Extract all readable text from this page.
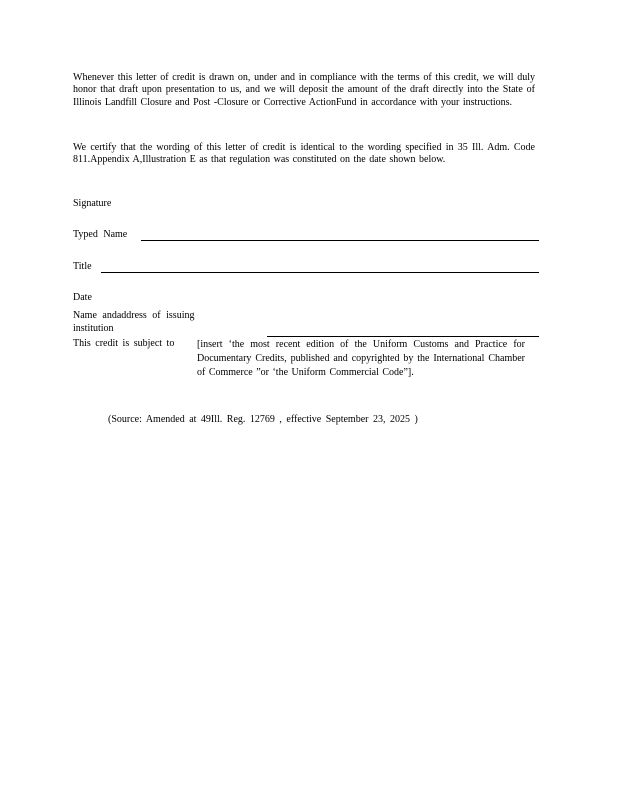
Whenever this letter of credit is drawn on, under and in compliance with the terms of this credit, we will duly honor that draft upon presentation to us, and we will deposit the amount of the draft directly into the State of Illinois Landfill Closure and Post -Closure or Corrective ActionFund in accordance with your instructions.
We certify that the wording of this letter of credit is identical to the wording specified in 35 Ill. Adm. Code 811.Appendix A,Illustration E as that regulation was constituted on the date shown below.
Signature
Typed Name
Title
Date
Name andaddress of issuing
institution
This credit is subject to [insert ‘the most recent edition of the Uniform Customs and Practice for Documentary Credits, published and copyrighted by the International Chamber of Commerce ”or ‘the Uniform Commercial Code”].
(Source: Amended at 49Ill. Reg. 12769 , effective September 23, 2025 )
